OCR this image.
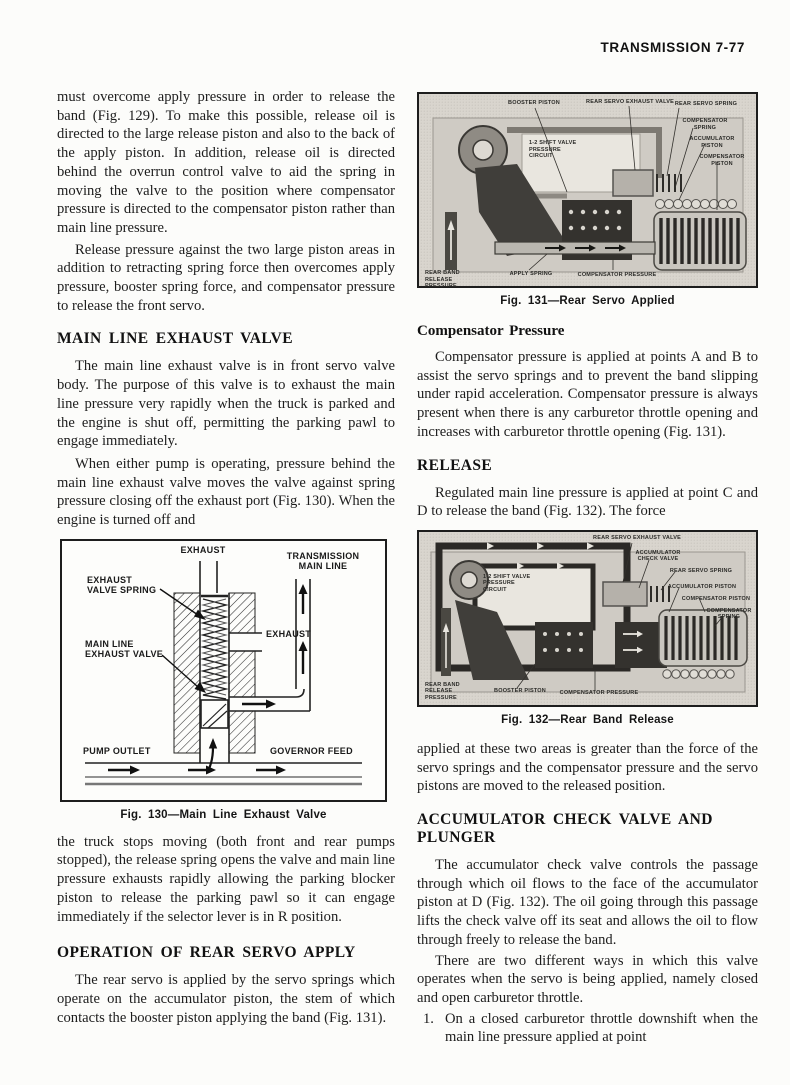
TRANSMISSION 7-77

must overcome apply pressure in order to release the band (Fig. 129). To make this possible, release oil is directed to the large release piston and also to the back of the apply piston. In addition, release oil is directed behind the overrun control valve to aid the spring in moving the valve to the position where compensator pressure is directed to the compensator piston rather than main line pressure.

Release pressure against the two large piston areas in addition to retracting spring force then overcomes apply pressure, booster spring force, and compensator pressure to release the front servo.

MAIN LINE EXHAUST VALVE

The main line exhaust valve is in front servo valve body. The purpose of this valve is to exhaust the main line pressure very rapidly when the truck is parked and the engine is shut off, permitting the parking pawl to engage immediately.

When either pump is operating, pressure behind the main line exhaust valve moves the valve against spring pressure closing off the exhaust port (Fig. 130). When the engine is turned off and

EXHAUST
TRANSMISSION MAIN LINE
EXHAUST VALVE SPRING
MAIN LINE EXHAUST VALVE
EXHAUST
PUMP OUTLET	GOVERNOR FEED
Fig. 130—Main Line Exhaust Valve

the truck stops moving (both front and rear pumps stopped), the release spring opens the valve and main line pressure exhausts rapidly allowing the parking blocker piston to release the parking pawl so it can engage immediately if the selector lever is in R position.

OPERATION OF REAR SERVO APPLY

The rear servo is applied by the servo springs which operate on the accumulator piston, the stem of which contacts the booster piston applying the band (Fig. 131).

BOOSTER PISTON	REAR SERVO EXHAUST VALVE REAR SERVO SPRING
COMPENSATOR SPRING
ACCUMULATOR PISTON
COMPENSATOR PISTON
1-2 SHIFT VALVE PRESSURE CIRCUIT
APPLY SPRING	COMPENSATOR PRESSURE
REAR BAND RELEASE PRESSURE
Fig. 131—Rear Servo Applied
Compensator Pressure

Compensator pressure is applied at points A and B to assist the servo springs and to prevent the band slipping under rapid acceleration. Compensator pressure is always present when there is any carburetor throttle opening and increases with carburetor throttle opening (Fig. 131).

RELEASE

Regulated main line pressure is applied at point C and D to release the band (Fig. 132). The force

REAR SERVO EXHAUST VALVE
ACCUMULATOR CHECK VALVE
REAR SERVO SPRING
ACCUMULATOR PISTON
COMPENSATOR PISTON
COMPENSATOR SPRING
1-2 SHIFT VALVE PRESSURE CIRCUIT
REAR BAND RELEASE PRESSURE
BOOSTER PISTON	COMPENSATOR PRESSURE
Fig. 132—Rear Band Release

applied at these two areas is greater than the force of the servo springs and the compensator pressure and the servo pistons are moved to the released position.

ACCUMULATOR CHECK VALVE AND PLUNGER

The accumulator check valve controls the passage through which oil flows to the face of the accumulator piston at D (Fig. 132). The oil going through this passage lifts the check valve off its seat and allows the oil to flow through freely to release the band.

There are two different ways in which this valve operates when the servo is being applied, namely closed and open carburetor throttle.

1. On a closed carburetor throttle downshift when the main line pressure applied at point
